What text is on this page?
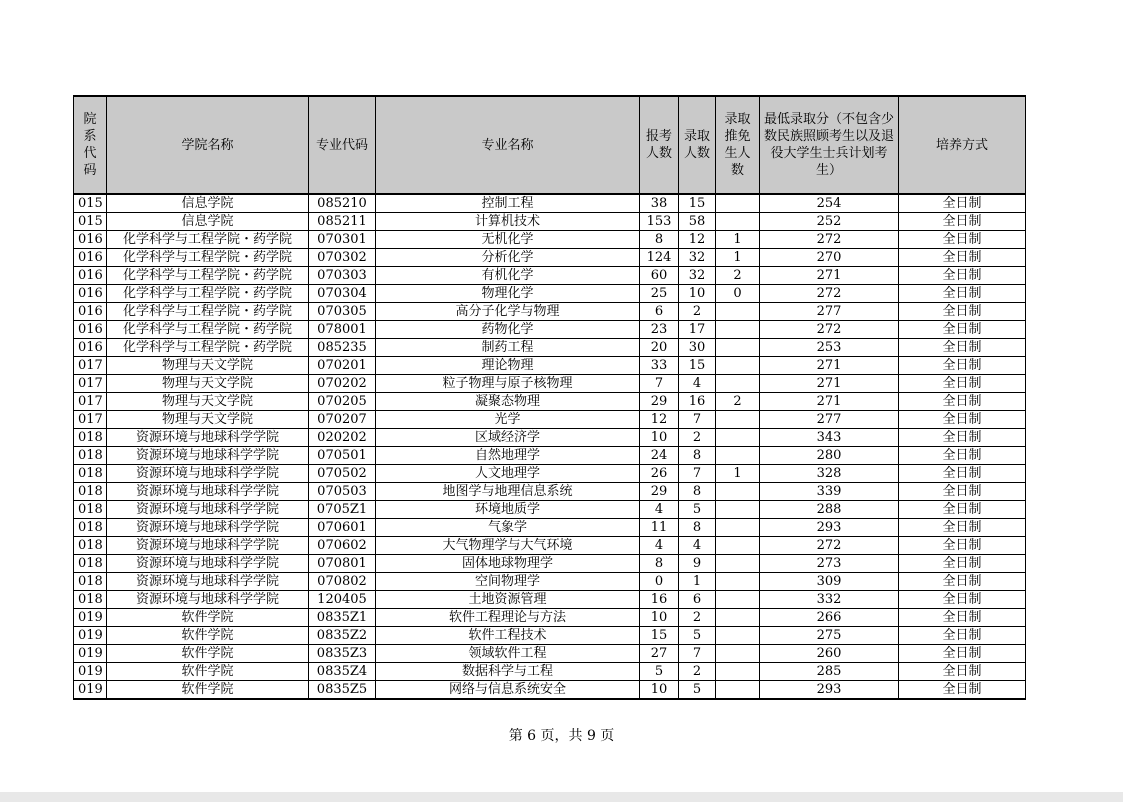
院系代码	学院名称	专业代码	专业名称	报考人数	录取人数	录取推免生人数	最低录取分（不包含少数民族照顾考生以及退役大学生士兵计划考生）	培养方式
015	信息学院	085210	控制工程	38	15		254	全日制
015	信息学院	085211	计算机技术	153	58		252	全日制
016	化学科学与工程学院・药学院	070301	无机化学	8	12	1	272	全日制
016	化学科学与工程学院・药学院	070302	分析化学	124	32	1	270	全日制
016	化学科学与工程学院・药学院	070303	有机化学	60	32	2	271	全日制
016	化学科学与工程学院・药学院	070304	物理化学	25	10	0	272	全日制
016	化学科学与工程学院・药学院	070305	高分子化学与物理	6	2		277	全日制
016	化学科学与工程学院・药学院	078001	药物化学	23	17		272	全日制
016	化学科学与工程学院・药学院	085235	制药工程	20	30		253	全日制
017	物理与天文学院	070201	理论物理	33	15		271	全日制
017	物理与天文学院	070202	粒子物理与原子核物理	7	4		271	全日制
017	物理与天文学院	070205	凝聚态物理	29	16	2	271	全日制
017	物理与天文学院	070207	光学	12	7		277	全日制
018	资源环境与地球科学学院	020202	区域经济学	10	2		343	全日制
018	资源环境与地球科学学院	070501	自然地理学	24	8		280	全日制
018	资源环境与地球科学学院	070502	人文地理学	26	7	1	328	全日制
018	资源环境与地球科学学院	070503	地图学与地理信息系统	29	8		339	全日制
018	资源环境与地球科学学院	0705Z1	环境地质学	4	5		288	全日制
018	资源环境与地球科学学院	070601	气象学	11	8		293	全日制
018	资源环境与地球科学学院	070602	大气物理学与大气环境	4	4		272	全日制
018	资源环境与地球科学学院	070801	固体地球物理学	8	9		273	全日制
018	资源环境与地球科学学院	070802	空间物理学	0	1		309	全日制
018	资源环境与地球科学学院	120405	土地资源管理	16	6		332	全日制
019	软件学院	0835Z1	软件工程理论与方法	10	2		266	全日制
019	软件学院	0835Z2	软件工程技术	15	5		275	全日制
019	软件学院	0835Z3	领域软件工程	27	7		260	全日制
019	软件学院	0835Z4	数据科学与工程	5	2		285	全日制
019	软件学院	0835Z5	网络与信息系统安全	10	5		293	全日制
第 6 页，共 9 页
